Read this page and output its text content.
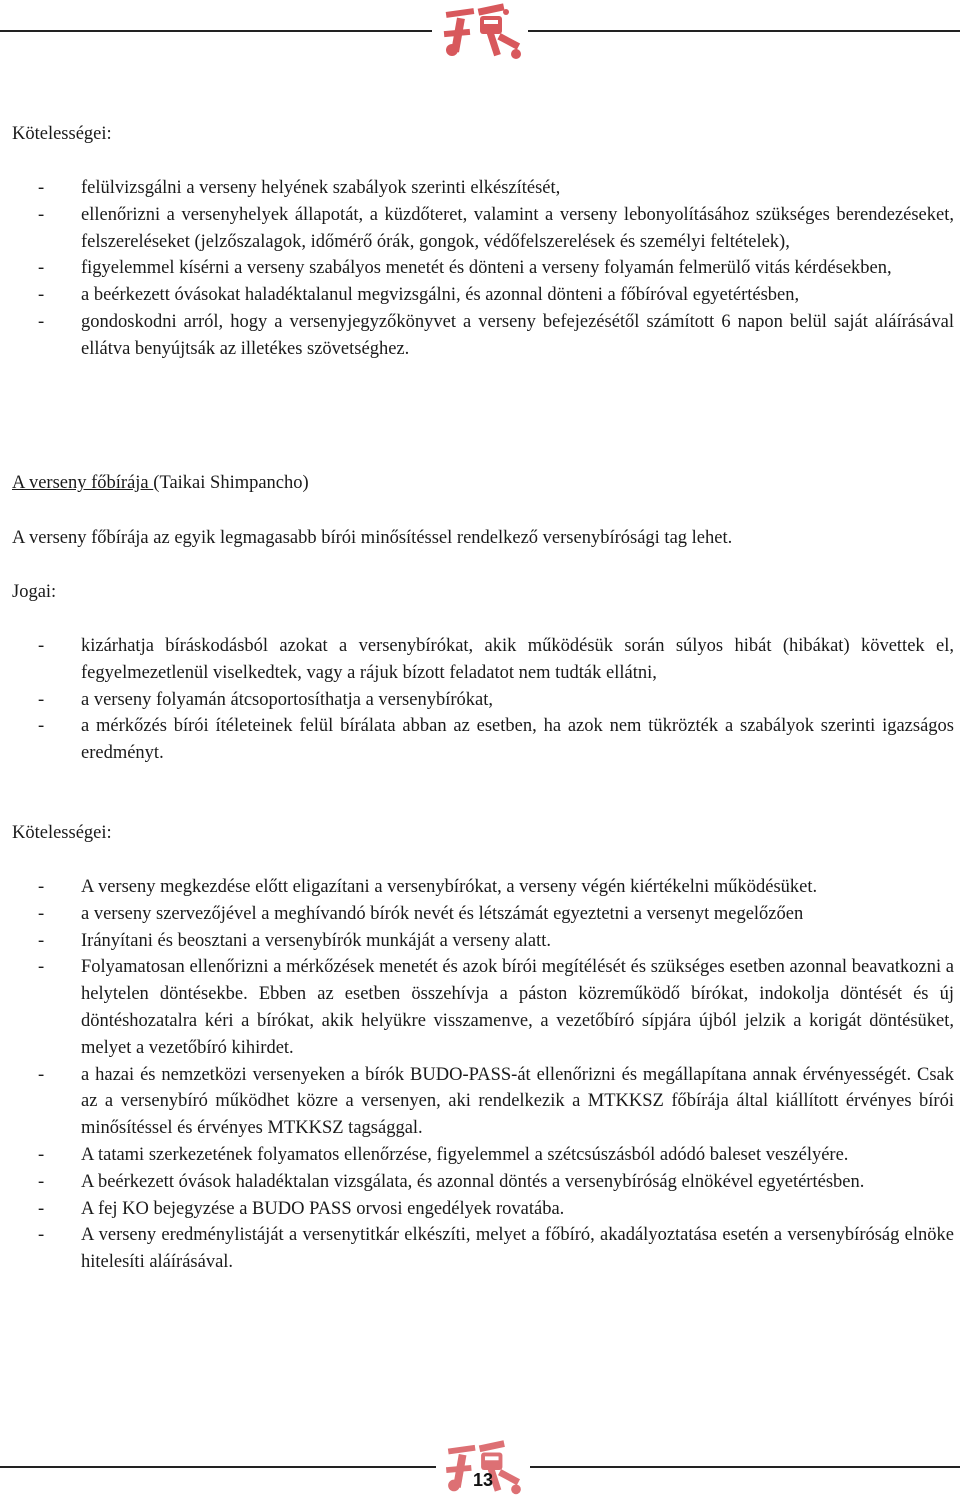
Kötelességei:
- felülvizsgálni a verseny helyének szabályok szerinti elkészítését,
- ellenőrizni a versenyhelyek állapotát, a küzdőteret, valamint a verseny lebonyolításához szükséges berendezéseket, felszereléseket (jelzőszalagok, időmérő órák, gongok, védőfelszerelések és személyi feltételek),
- figyelemmel kísérni a verseny szabályos menetét és dönteni a verseny folyamán felmerülő vitás kérdésekben,
- a beérkezett óvásokat haladéktalanul megvizsgálni, és azonnal dönteni a főbíróval egyetértésben,
- gondoskodni arról, hogy a versenyjegyzőkönyvet a verseny befejezésétől számított 6 napon belül saját aláírásával ellátva benyújtsák az illetékes szövetséghez.
A verseny főbírája (Taikai Shimpancho)
A verseny főbírája az egyik legmagasabb bírói minősítéssel rendelkező versenybírósági tag lehet.
Jogai:
- kizárhatja bíráskodásból azokat a versenybírókat, akik működésük során súlyos hibát (hibákat) követtek el, fegyelmezetlenül viselkedtek, vagy a rájuk bízott feladatot nem tudták ellátni,
- a verseny folyamán átcsoportosíthatja a versenybírókat,
- a mérkőzés bírói ítéleteinek felül bírálata abban az esetben, ha azok nem tükrözték a szabályok szerinti igazságos eredményt.
Kötelességei:
- A verseny megkezdése előtt eligazítani a versenybírókat, a verseny végén kiértékelni működésüket.
- a verseny szervezőjével a meghívandó bírók nevét és létszámát egyeztetni a versenyt megelőzően
- Irányítani és beosztani a versenybírók munkáját a verseny alatt.
- Folyamatosan ellenőrizni a mérkőzések menetét és azok bírói megítélését és szükséges esetben azonnal beavatkozni a helytelen döntésekbe. Ebben az esetben összehívja a páston közreműködő bírókat, indokolja döntését és új döntéshozatalra kéri a bírókat, akik helyükre visszamenve, a vezetőbíró sípjára újból jelzik a korigát döntésüket, melyet a vezetőbíró kihirdet.
- a hazai és nemzetközi versenyeken a bírók BUDO-PASS-át ellenőrizni és megállapítana annak érvényességét. Csak az a versenybíró működhet közre a versenyen, aki rendelkezik a MTKKSZ főbírája által kiállított érvényes bírói minősítéssel és érvényes MTKKSZ tagsággal.
- A tatami szerkezetének folyamatos ellenőrzése, figyelemmel a szétcsúszásból adódó baleset veszélyére.
- A beérkezett óvások haladéktalan vizsgálata, és azonnal döntés a versenybíróság elnökével egyetértésben.
- A fej KO bejegyzése a BUDO PASS orvosi engedélyek rovatába.
- A verseny eredménylistáját a versenytitkár elkészíti, melyet a főbíró, akadályoztatása esetén a versenybíróság elnöke hitelesíti aláírásával.
13
